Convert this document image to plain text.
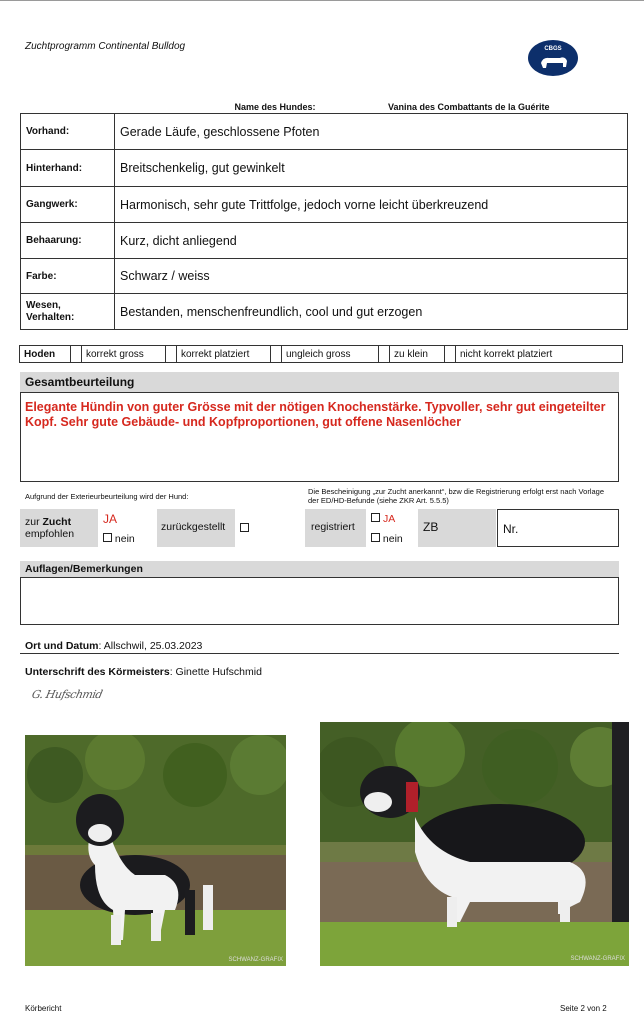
Zuchtprogramm Continental Bulldog	CBGS
Name des Hundes:	Vanina des Combattants de la Guérite
Vorhand:	Gerade Läufe, geschlossene Pfoten
Hinterhand:	Breitschenkelig, gut gewinkelt
Gangwerk:	Harmonisch, sehr gute Trittfolge, jedoch vorne leicht überkreuzend
Behaarung:	Kurz, dicht anliegend
Farbe:	Schwarz / weiss
Wesen,
Verhalten:	Bestanden, menschenfreundlich, cool und gut erzogen
Hoden		korrekt gross		korrekt platziert		ungleich gross		zu klein		nicht korrekt platziert
Gesamtbeurteilung
Elegante Hündin von guter Grösse mit der nötigen Knochenstärke. Typvoller, sehr gut eingeteilter Kopf. Sehr gute Gebäude- und Kopfproportionen, gut offene Nasenlöcher
Aufgrund der Exterieurbeurteilung wird der Hund:
Die Bescheinigung „zur Zucht anerkannt“, bzw die Registrierung erfolgt erst nach Vorlage der ED/HD-Befunde (siehe ZKR Art. 5.5.5)
zur Zucht
empfohlen
JA
nein
zurückgestellt	registriert
JA
nein
ZB	Nr.
Auflagen/Bemerkungen
Ort und Datum: Allschwil, 25.03.2023
Unterschrift des Körmeisters: Ginette Hufschmid
G. Hufschmid
SCHWANZ-GRAFIX	SCHWANZ-GRAFIX
Körbericht	Seite 2 von 2
